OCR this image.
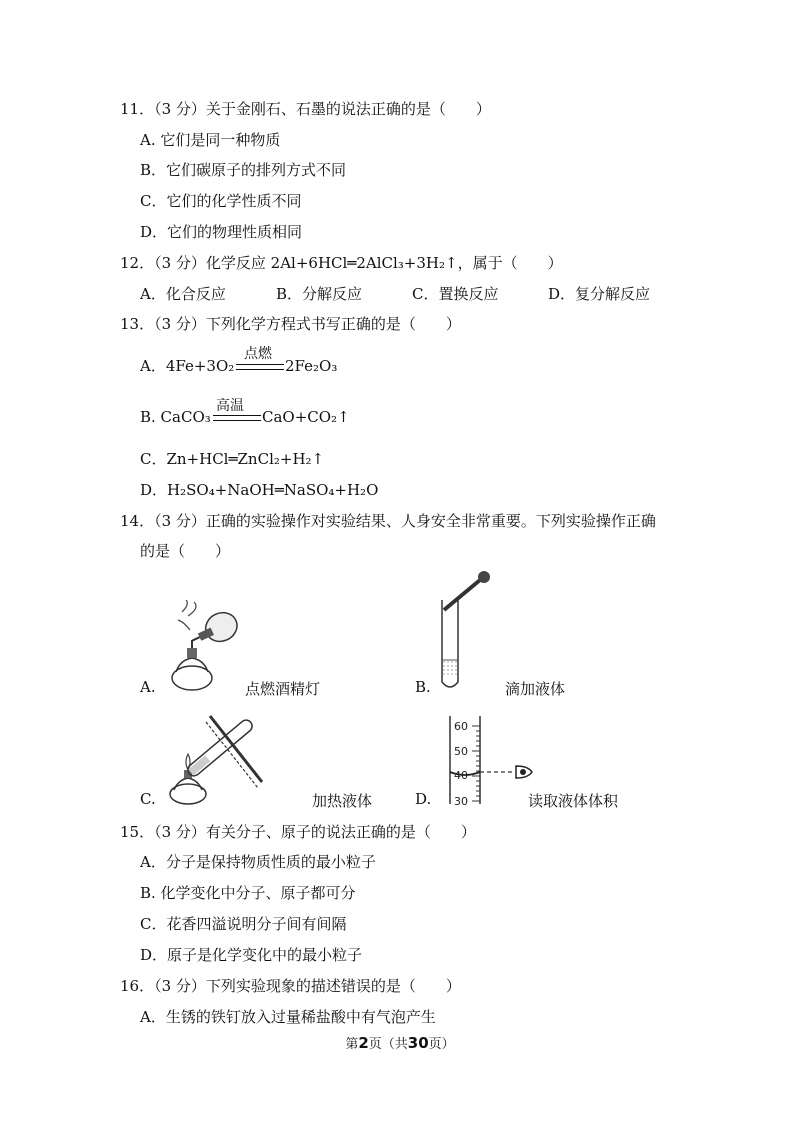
11．（3 分）关于金刚石、石墨的说法正确的是（　　）
A. 它们是同一种物质
B．它们碳原子的排列方式不同
C．它们的化学性质不同
D．它们的物理性质相同
12．（3 分）化学反应 2Al+6HCl═2AlCl₃+3H₂↑，属于（　　）
A．化合反应	B．分解反应	C．置换反应	D．复分解反应
13．（3 分）下列化学方程式书写正确的是（　　）
A．4Fe+3O₂
点燃
2Fe₂O₃
B. CaCO₃
高温
CaO+CO₂↑
C．Zn+HCl═ZnCl₂+H₂↑
D．H₂SO₄+NaOH═NaSO₄+H₂O
14．（3 分）正确的实验操作对实验结果、人身安全非常重要。下列实验操作正确
的是（　　）
A.	点燃酒精灯	B.	滴加液体
C.	加热液体
60
50
40
30
D.	读取液体体积
15．（3 分）有关分子、原子的说法正确的是（　　）
A．分子是保持物质性质的最小粒子
B. 化学变化中分子、原子都可分
C．花香四溢说明分子间有间隔
D．原子是化学变化中的最小粒子
16．（3 分）下列实验现象的描述错误的是（　　）
A．生锈的铁钉放入过量稀盐酸中有气泡产生
第2页（共30页）
